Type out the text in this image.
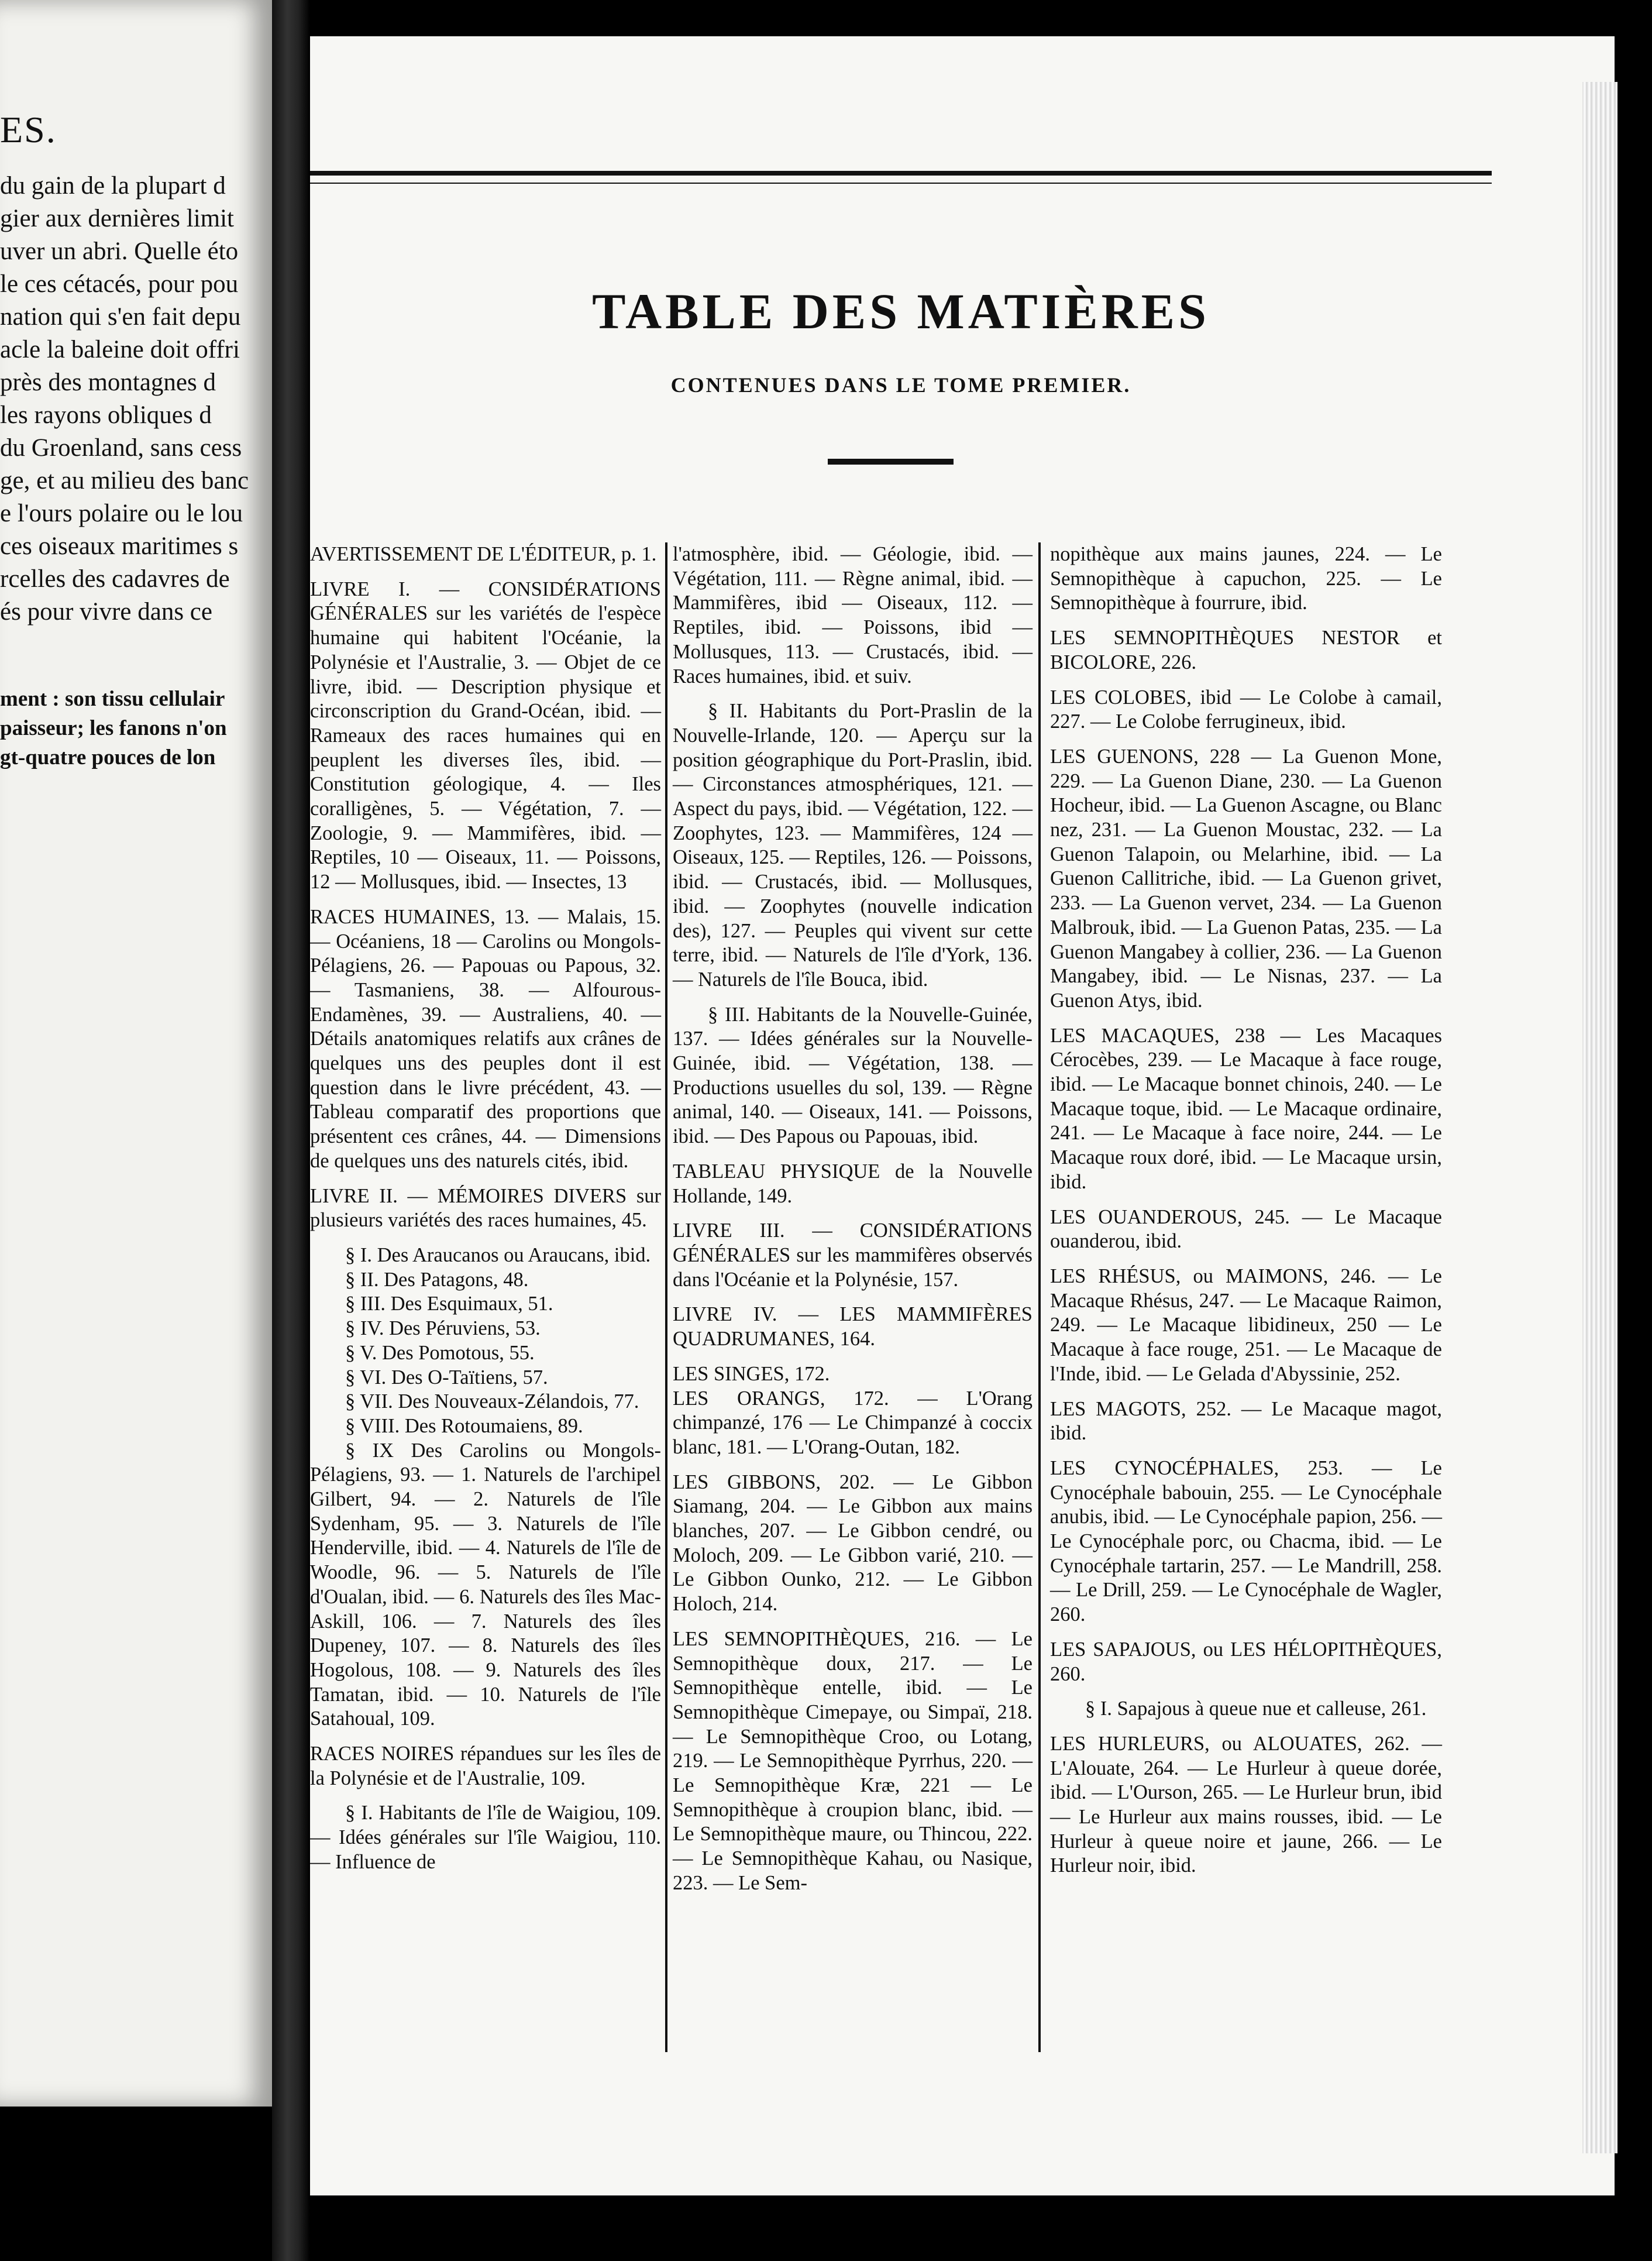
ES.
du gain de la plupart d
gier aux dernières limit
uver un abri. Quelle éto
le ces cétacés, pour pou
nation qui s'en fait depu
acle la baleine doit offri
près des montagnes d
les rayons obliques d
du Groenland, sans cess
ge, et au milieu des banc
e l'ours polaire ou le lou
ces oiseaux maritimes s
rcelles des cadavres de
és pour vivre dans ce
ment : son tissu cellulair
paisseur; les fanons n'on
gt-quatre pouces de lon
TABLE DES MATIÈRES
CONTENUES DANS LE TOME PREMIER.

AVERTISSEMENT DE L'ÉDITEUR, p. 1.

LIVRE I. — CONSIDÉRATIONS GÉNÉRALES sur les variétés de l'espèce humaine qui habitent l'Océanie, la Polynésie et l'Australie, 3. — Objet de ce livre, ibid. — Description physique et circonscription du Grand-Océan, ibid. — Rameaux des races humaines qui en peuplent les diverses îles, ibid. — Constitution géologique, 4. — Iles coralligènes, 5. — Végétation, 7. — Zoologie, 9. — Mammifères, ibid. — Reptiles, 10 — Oiseaux, 11. — Poissons, 12 — Mollusques, ibid. — Insectes, 13

RACES HUMAINES, 13. — Malais, 15. — Océaniens, 18 — Carolins ou Mongols-Pélagiens, 26. — Papouas ou Papous, 32. — Tasmaniens, 38. — Alfourous-Endamènes, 39. — Australiens, 40. — Détails anatomiques relatifs aux crânes de quelques uns des peuples dont il est question dans le livre précédent, 43. — Tableau comparatif des proportions que présentent ces crânes, 44. — Dimensions de quelques uns des naturels cités, ibid.

LIVRE II. — MÉMOIRES DIVERS sur plusieurs variétés des races humaines, 45.

§ I. Des Araucanos ou Araucans, ibid.

§ II. Des Patagons, 48.

§ III. Des Esquimaux, 51.

§ IV. Des Péruviens, 53.

§ V. Des Pomotous, 55.

§ VI. Des O-Taïtiens, 57.

§ VII. Des Nouveaux-Zélandois, 77.

§ VIII. Des Rotoumaiens, 89.

§ IX Des Carolins ou Mongols-Pélagiens, 93. — 1. Naturels de l'archipel Gilbert, 94. — 2. Naturels de l'île Sydenham, 95. — 3. Naturels de l'île Henderville, ibid. — 4. Naturels de l'île de Woodle, 96. — 5. Naturels de l'île d'Oualan, ibid. — 6. Naturels des îles Mac-Askill, 106. — 7. Naturels des îles Dupeney, 107. — 8. Naturels des îles Hogolous, 108. — 9. Naturels des îles Tamatan, ibid. — 10. Naturels de l'île Satahoual, 109.

RACES NOIRES répandues sur les îles de la Polynésie et de l'Australie, 109.

§ I. Habitants de l'île de Waigiou, 109. — Idées générales sur l'île Waigiou, 110. — Influence de

l'atmosphère, ibid. — Géologie, ibid. — Végétation, 111. — Règne animal, ibid. — Mammifères, ibid — Oiseaux, 112. — Reptiles, ibid. — Poissons, ibid — Mollusques, 113. — Crustacés, ibid. — Races humaines, ibid. et suiv.

§ II. Habitants du Port-Praslin de la Nouvelle-Irlande, 120. — Aperçu sur la position géographique du Port-Praslin, ibid. — Circonstances atmosphériques, 121. — Aspect du pays, ibid. — Végétation, 122. — Zoophytes, 123. — Mammifères, 124 — Oiseaux, 125. — Reptiles, 126. — Poissons, ibid. — Crustacés, ibid. — Mollusques, ibid. — Zoophytes (nouvelle indication des), 127. — Peuples qui vivent sur cette terre, ibid. — Naturels de l'île d'York, 136. — Naturels de l'île Bouca, ibid.

§ III. Habitants de la Nouvelle-Guinée, 137. — Idées générales sur la Nouvelle-Guinée, ibid. — Végétation, 138. — Productions usuelles du sol, 139. — Règne animal, 140. — Oiseaux, 141. — Poissons, ibid. — Des Papous ou Papouas, ibid.

TABLEAU PHYSIQUE de la Nouvelle Hollande, 149.

LIVRE III. — CONSIDÉRATIONS GÉNÉRALES sur les mammifères observés dans l'Océanie et la Polynésie, 157.

LIVRE IV. — LES MAMMIFÈRES QUADRUMANES, 164.

LES SINGES, 172.

LES ORANGS, 172. — L'Orang chimpanzé, 176 — Le Chimpanzé à coccix blanc, 181. — L'Orang-Outan, 182.

LES GIBBONS, 202. — Le Gibbon Siamang, 204. — Le Gibbon aux mains blanches, 207. — Le Gibbon cendré, ou Moloch, 209. — Le Gibbon varié, 210. — Le Gibbon Ounko, 212. — Le Gibbon Holoch, 214.

LES SEMNOPITHÈQUES, 216. — Le Semnopithèque doux, 217. — Le Semnopithèque entelle, ibid. — Le Semnopithèque Cimepaye, ou Simpaï, 218. — Le Semnopithèque Croo, ou Lotang, 219. — Le Semnopithèque Pyrrhus, 220. — Le Semnopithèque Kræ, 221 — Le Semnopithèque à croupion blanc, ibid. — Le Semnopithèque maure, ou Thincou, 222. — Le Semnopithèque Kahau, ou Nasique, 223. — Le Sem-

nopithèque aux mains jaunes, 224. — Le Semnopithèque à capuchon, 225. — Le Semnopithèque à fourrure, ibid.

LES SEMNOPITHÈQUES NESTOR et BICOLORE, 226.

LES COLOBES, ibid — Le Colobe à camail, 227. — Le Colobe ferrugineux, ibid.

LES GUENONS, 228 — La Guenon Mone, 229. — La Guenon Diane, 230. — La Guenon Hocheur, ibid. — La Guenon Ascagne, ou Blanc nez, 231. — La Guenon Moustac, 232. — La Guenon Talapoin, ou Melarhine, ibid. — La Guenon Callitriche, ibid. — La Guenon grivet, 233. — La Guenon vervet, 234. — La Guenon Malbrouk, ibid. — La Guenon Patas, 235. — La Guenon Mangabey à collier, 236. — La Guenon Mangabey, ibid. — Le Nisnas, 237. — La Guenon Atys, ibid.

LES MACAQUES, 238 — Les Macaques Cérocèbes, 239. — Le Macaque à face rouge, ibid. — Le Macaque bonnet chinois, 240. — Le Macaque toque, ibid. — Le Macaque ordinaire, 241. — Le Macaque à face noire, 244. — Le Macaque roux doré, ibid. — Le Macaque ursin, ibid.

LES OUANDEROUS, 245. — Le Macaque ouanderou, ibid.

LES RHÉSUS, ou MAIMONS, 246. — Le Macaque Rhésus, 247. — Le Macaque Raimon, 249. — Le Macaque libidineux, 250 — Le Macaque à face rouge, 251. — Le Macaque de l'Inde, ibid. — Le Gelada d'Abyssinie, 252.

LES MAGOTS, 252. — Le Macaque magot, ibid.

LES CYNOCÉPHALES, 253. — Le Cynocéphale babouin, 255. — Le Cynocéphale anubis, ibid. — Le Cynocéphale papion, 256. — Le Cynocéphale porc, ou Chacma, ibid. — Le Cynocéphale tartarin, 257. — Le Mandrill, 258. — Le Drill, 259. — Le Cynocéphale de Wagler, 260.

LES SAPAJOUS, ou LES HÉLOPITHÈQUES, 260.

§ I. Sapajous à queue nue et calleuse, 261.

LES HURLEURS, ou ALOUATES, 262. — L'Alouate, 264. — Le Hurleur à queue dorée, ibid. — L'Ourson, 265. — Le Hurleur brun, ibid — Le Hurleur aux mains rousses, ibid. — Le Hurleur à queue noire et jaune, 266. — Le Hurleur noir, ibid.
